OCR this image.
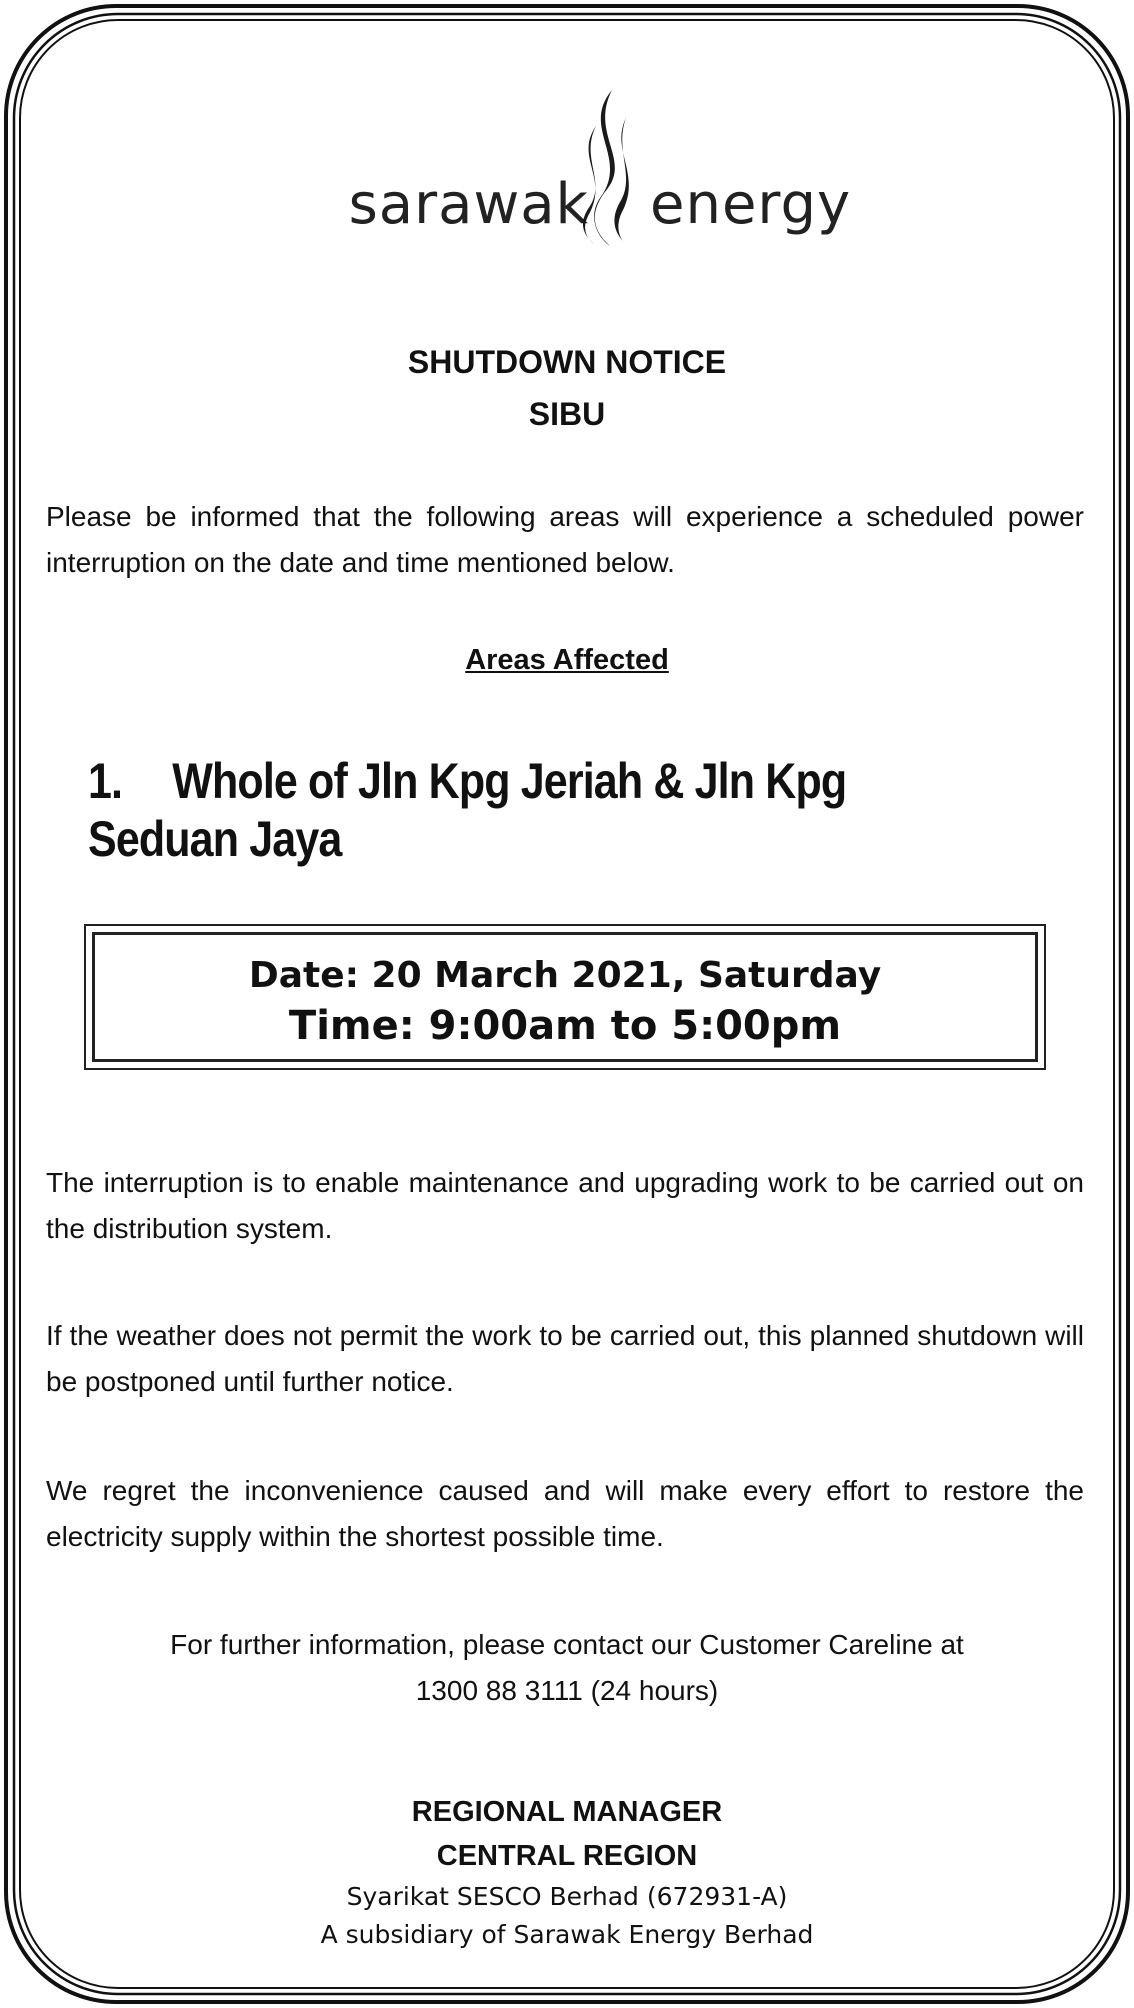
sarawak energy
SHUTDOWN NOTICE
SIBU
Please be informed that the following areas will experience a scheduled power interruption on the date and time mentioned below.
Areas Affected
1. Whole of Jln Kpg Jeriah & Jln Kpg Seduan Jaya
Date: 20 March 2021, Saturday
Time: 9:00am to 5:00pm
The interruption is to enable maintenance and upgrading work to be carried out on the distribution system.
If the weather does not permit the work to be carried out, this planned shutdown will be postponed until further notice.
We regret the inconvenience caused and will make every effort to restore the electricity supply within the shortest possible time.
For further information, please contact our Customer Careline at
1300 88 3111 (24 hours)
REGIONAL MANAGER
CENTRAL REGION
Syarikat SESCO Berhad (672931-A)
A subsidiary of Sarawak Energy Berhad
